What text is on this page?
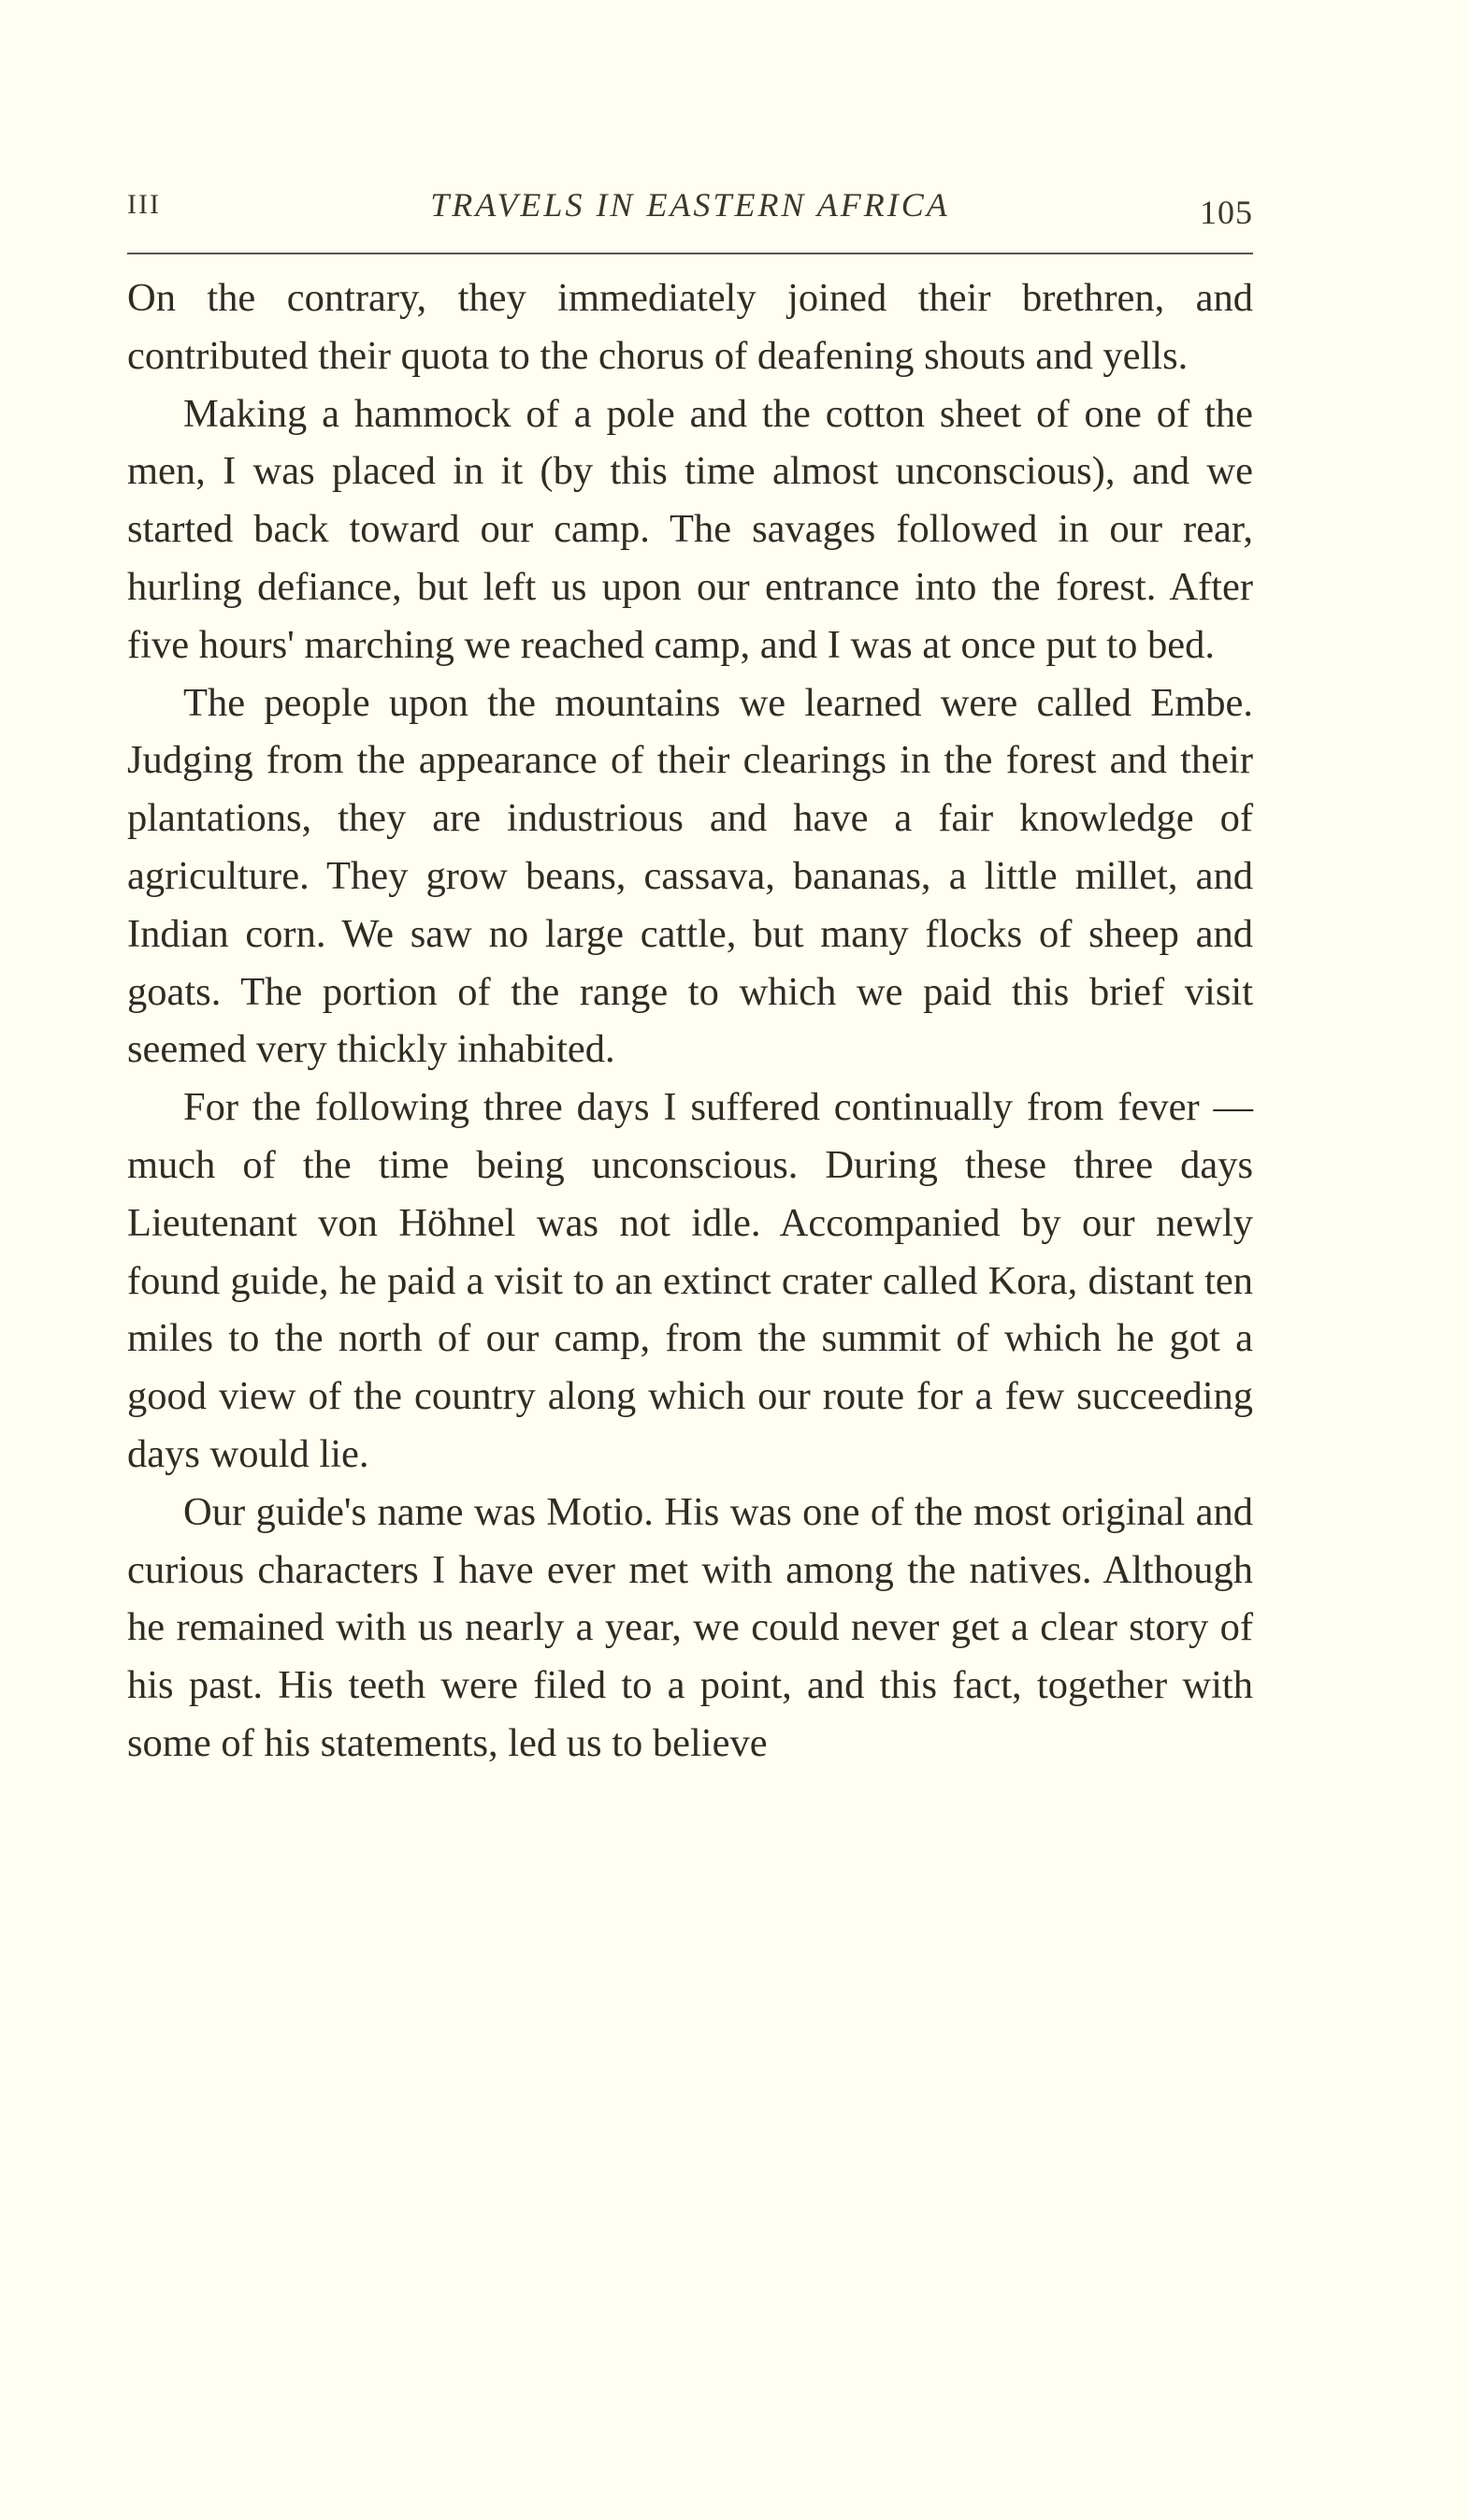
III	TRAVELS IN EASTERN AFRICA	105

On the contrary, they immediately joined their brethren, and contributed their quota to the chorus of deafening shouts and yells.

Making a hammock of a pole and the cotton sheet of one of the men, I was placed in it (by this time almost unconscious), and we started back toward our camp. The savages followed in our rear, hurling defiance, but left us upon our entrance into the forest. After five hours' marching we reached camp, and I was at once put to bed.

The people upon the mountains we learned were called Embe. Judging from the appearance of their clearings in the forest and their plantations, they are industrious and have a fair knowledge of agriculture. They grow beans, cassava, bananas, a little millet, and Indian corn. We saw no large cattle, but many flocks of sheep and goats. The portion of the range to which we paid this brief visit seemed very thickly inhabited.

For the following three days I suffered continually from fever — much of the time being unconscious. During these three days Lieutenant von Höhnel was not idle. Accompanied by our newly found guide, he paid a visit to an extinct crater called Kora, distant ten miles to the north of our camp, from the summit of which he got a good view of the country along which our route for a few succeeding days would lie.

Our guide's name was Motio. His was one of the most original and curious characters I have ever met with among the natives. Although he remained with us nearly a year, we could never get a clear story of his past. His teeth were filed to a point, and this fact, together with some of his statements, led us to believe
